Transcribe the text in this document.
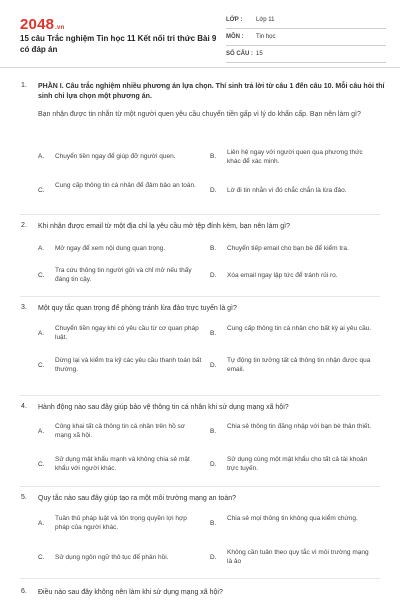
2048.vn
15 câu Trắc nghiệm Tin học 11 Kết nối tri thức Bài 9 có đáp án
LỚP :	Lớp 11
MÔN :	Tin học
SỐ CÂU : 15
1. PHẦN I. Câu trắc nghiệm nhiều phương án lựa chọn. Thí sinh trả lời từ câu 1 đến câu 10. Mỗi câu hỏi thí sinh chỉ lựa chọn một phương án.
Bạn nhận được tin nhắn từ một người quen yêu cầu chuyển tiền gấp vì lý do khẩn cấp. Bạn nên làm gì?
A. Chuyển tiền ngay để giúp đỡ người quen.	B.
Liên hệ ngay với người quen qua phương thức khác để xác minh.
C.
Cung cấp thông tin cá nhân để đảm bảo an toàn.
D. Lờ đi tin nhắn vì đó chắc chắn là lừa đảo.
2. Khi nhận được email từ một địa chỉ lạ yêu cầu mở tệp đính kèm, bạn nên làm gì?
A. Mở ngay để xem nội dung quan trọng.	B. Chuyển tiếp email cho bạn bè để kiểm tra.
C.
Tra cứu thông tin người gửi và chỉ mở nếu thấy đáng tin cậy.
D. Xóa email ngay lập tức để tránh rủi ro.
3. Một quy tắc quan trọng để phòng tránh lừa đảo trực tuyến là gì?
A.
Chuyển tiền ngay khi có yêu cầu từ cơ quan pháp luật.
B.
Cung cấp thông tin cá nhân cho bất kỳ ai yêu cầu.
C.
Dừng lại và kiểm tra kỹ các yêu cầu thanh toán bất thường.
D.
Tự động tin tưởng tất cả thông tin nhận được qua email.
4. Hành động nào sau đây giúp bảo vệ thông tin cá nhân khi sử dụng mạng xã hội?
A.
Công khai tất cả thông tin cá nhân trên hồ sơ mạng xã hội.
B.
Chia sẻ thông tin đăng nhập với bạn bè thân thiết.
C.
Sử dụng mật khẩu mạnh và không chia sẻ mật khẩu với người khác.
D.
Sử dụng cùng một mật khẩu cho tất cả tài khoản trực tuyến.
5. Quy tắc nào sau đây giúp tạo ra một môi trường mạng an toàn?
A.
Tuân thủ pháp luật và tôn trọng quyền lợi hợp pháp của người khác.
B.
Chia sẻ mọi thông tin không qua kiểm chứng.
C. Sử dụng ngôn ngữ thô tục để phản hồi.	D.
Không cần tuân theo quy tắc vì môi trường mạng là ảo
6. Điều nào sau đây không nên làm khi sử dụng mạng xã hội?
